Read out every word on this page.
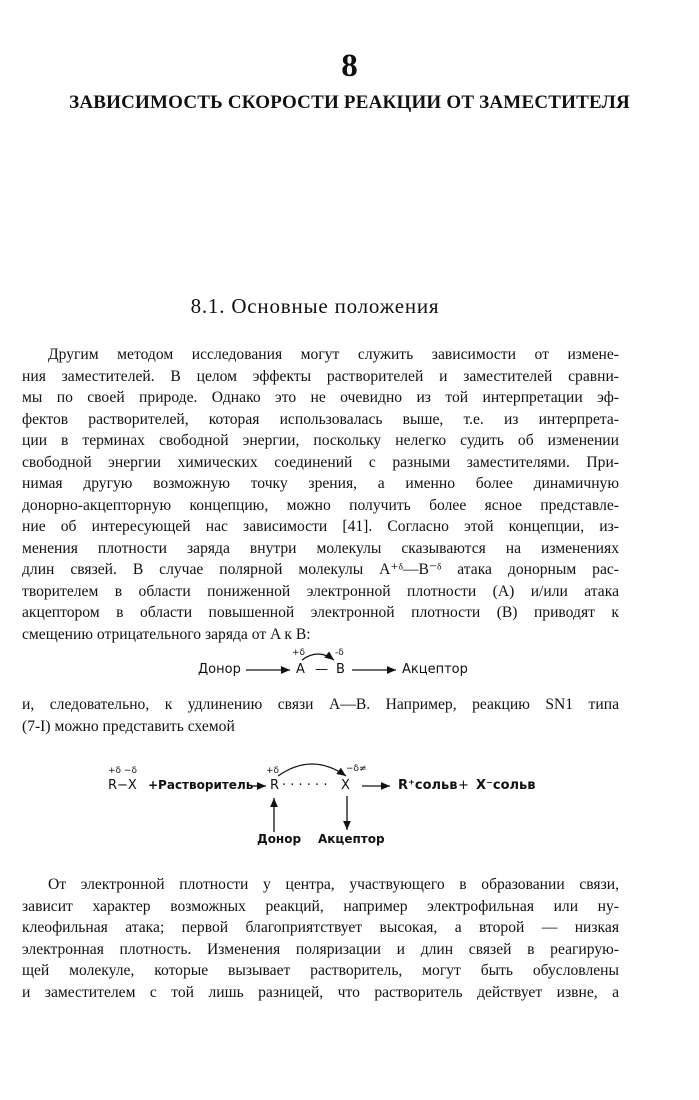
8
ЗАВИСИМОСТЬ СКОРОСТИ РЕАКЦИИ ОТ ЗАМЕСТИТЕЛЯ
8.1. Основные положения
Другим методом исследования могут служить зависимости от измене-
ния заместителей. В целом эффекты растворителей и заместителей сравни-
мы по своей природе. Однако это не очевидно из той интерпретации эф-
фектов растворителей, которая использовалась выше, т.е. из интерпрета-
ции в терминах свободной энергии, поскольку нелегко судить об изменении
свободной энергии химических соединений с разными заместителями. При-
нимая другую возможную точку зрения, а именно более динамичную
донорно-акцепторную концепцию, можно получить более ясное представле-
ние об интересующей нас зависимости [41]. Согласно этой концепции, из-
менения плотности заряда внутри молекулы сказываются на изменениях
длин связей. В случае полярной молекулы A⁺ᵟ—B⁻ᵟ атака донорным рас-
творителем в области пониженной электронной плотности (A) и/или атака
акцептором в области повышенной электронной плотности (B) приводят к
смещению отрицательного заряда от A к B:
Донор
+δ
A —
-δ
B	Акцептор
и, следовательно, к удлинению связи A—B. Например, реакцию SN1 типа
(7-I) можно представить схемой
+δ −δ
R−X +Растворитель
+δ
R · · · · · · X
−δ≠
R⁺сольв + X⁻сольв
Донор Акцептор
От электронной плотности у центра, участвующего в образовании связи,
зависит характер возможных реакций, например электрофильная или ну-
клеофильная атака; первой благоприятствует высокая, а второй — низкая
электронная плотность. Изменения поляризации и длин связей в реагирую-
щей молекуле, которые вызывает растворитель, могут быть обусловлены
и заместителем с той лишь разницей, что растворитель действует извне, а
